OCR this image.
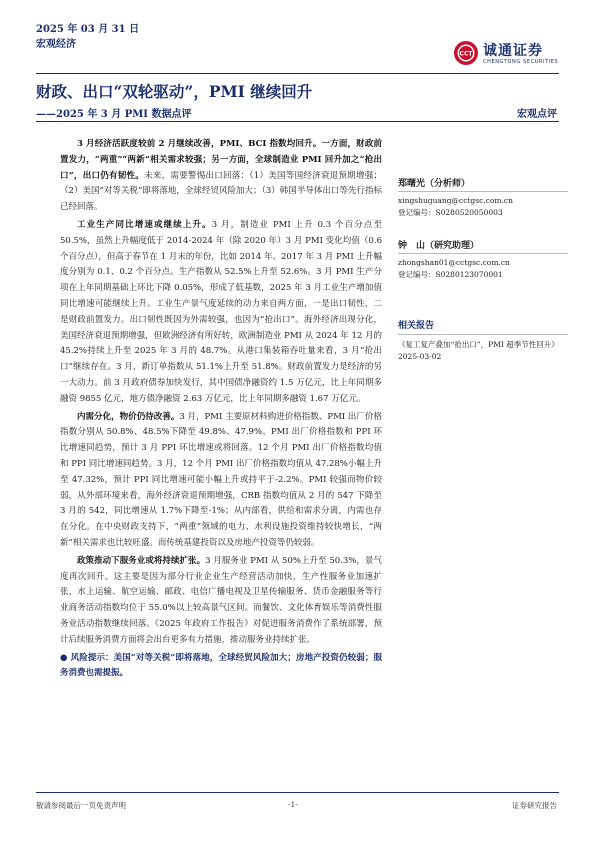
2025 年 03 月 31 日
宏观经济
CCT 诚通证券
CHENGTONG SECURITIES
财政、出口“双轮驱动”，PMI 继续回升
——2025 年 3 月 PMI 数据点评	宏观点评

3 月经济活跃度较前 2 月继续改善，PMI、BCI 指数均回升。一方面，财政前置发力，“两重”“两新”相关需求较强；另一方面，全球制造业 PMI 回升加之“抢出口”，出口仍有韧性。未来，需要警惕出口回落：（1）美国等国经济衰退预期增强；（2）美国“对等关税”即将落地，全球经贸风险加大；（3）韩国半导体出口等先行指标已经回落。

工业生产同比增速或继续上升。3 月，制造业 PMI 上升 0.3 个百分点至 50.5%，虽然上升幅度低于 2014-2024 年（除 2020 年）3 月 PMI 变化均值（0.6 个百分点），但高于春节在 1 月末的年份，比如 2014 年、2017 年 3 月 PMI 上升幅度分别为 0.1、0.2 个百分点。生产指数从 52.5%上升至 52.6%。3 月 PMI 生产分项在上年同期基础上环比下降 0.05%，形成了低基数，2025 年 3 月工业生产增加值同比增速可能继续上升。工业生产景气度延续的动力来自两方面，一是出口韧性，二是财政前置发力。出口韧性既因为外需较强，也因为“抢出口”。海外经济出现分化，美国经济衰退预期增强，但欧洲经济有所好转，欧洲制造业 PMI 从 2024 年 12 月的 45.2%持续上升至 2025 年 3 月的 48.7%。从港口集装箱吞吐量来看，3 月“抢出口”继续存在。3 月，新订单指数从 51.1%上升至 51.8%。财政前置发力是经济的另一大动力。前 3 月政府债券加快发行，其中国债净融资约 1.5 万亿元，比上年同期多融资 9855 亿元，地方债净融资 2.63 万亿元，比上年同期多融资 1.67 万亿元。

内需分化，物价仍待改善。3 月，PMI 主要原材料购进价格指数、PMI 出厂价格指数分别从 50.8%、48.5%下降至 49.8%、47.9%。PMI 出厂价格指数和 PPI 环比增速同趋势，预计 3 月 PPI 环比增速或将回落。12 个月 PMI 出厂价格指数均值和 PPI 同比增速同趋势。3 月，12 个月 PMI 出厂价格指数均值从 47.28%小幅上升至 47.32%，预计 PPI 同比增速可能小幅上升或持平于-2.2%。PMI 较强而物价较弱，从外部环境来看，海外经济衰退预期增强，CRB 指数均值从 2 月的 547 下降至 3 月的 542，同比增速从 1.7%下降至-1%；从内部看，供给和需求分离，内需也存在分化。在中央财政支持下，“两重”领域的电力、水利设施投资维持较快增长，“两新”相关需求也比较旺盛。而传统基建投资以及房地产投资等仍较弱。

政策推动下服务业或将持续扩张。3 月服务业 PMI 从 50%上升至 50.3%，景气度再次回升。这主要是因为部分行业企业生产经营活动加快，生产性服务业加速扩张，水上运输、航空运输、邮政、电信广播电视及卫星传输服务、货币金融服务等行业商务活动指数均位于 55.0%以上较高景气区间。而餐饮、文化体育娱乐等消费性服务业活动指数继续回落。《2025 年政府工作报告》对促进服务消费作了系统部署，预计后续服务消费方面将会出台更多有力措施，推动服务业持续扩张。

● 风险提示：美国“对等关税”即将落地，全球经贸风险加大；房地产投资仍较弱；服务消费也需提振。

郑曙光（分析师）
xingshuguang@cctgsc.com.cn
登记编号：S0280520050003
钟　山（研究助理）
zhongshan01@cctgsc.com.cn
登记编号：S0280123070001
相关报告
《复工复产叠加“抢出口”，PMI 超季节性回升》2025-03-02
敬请参阅最后一页免责声明	-1-	证券研究报告
